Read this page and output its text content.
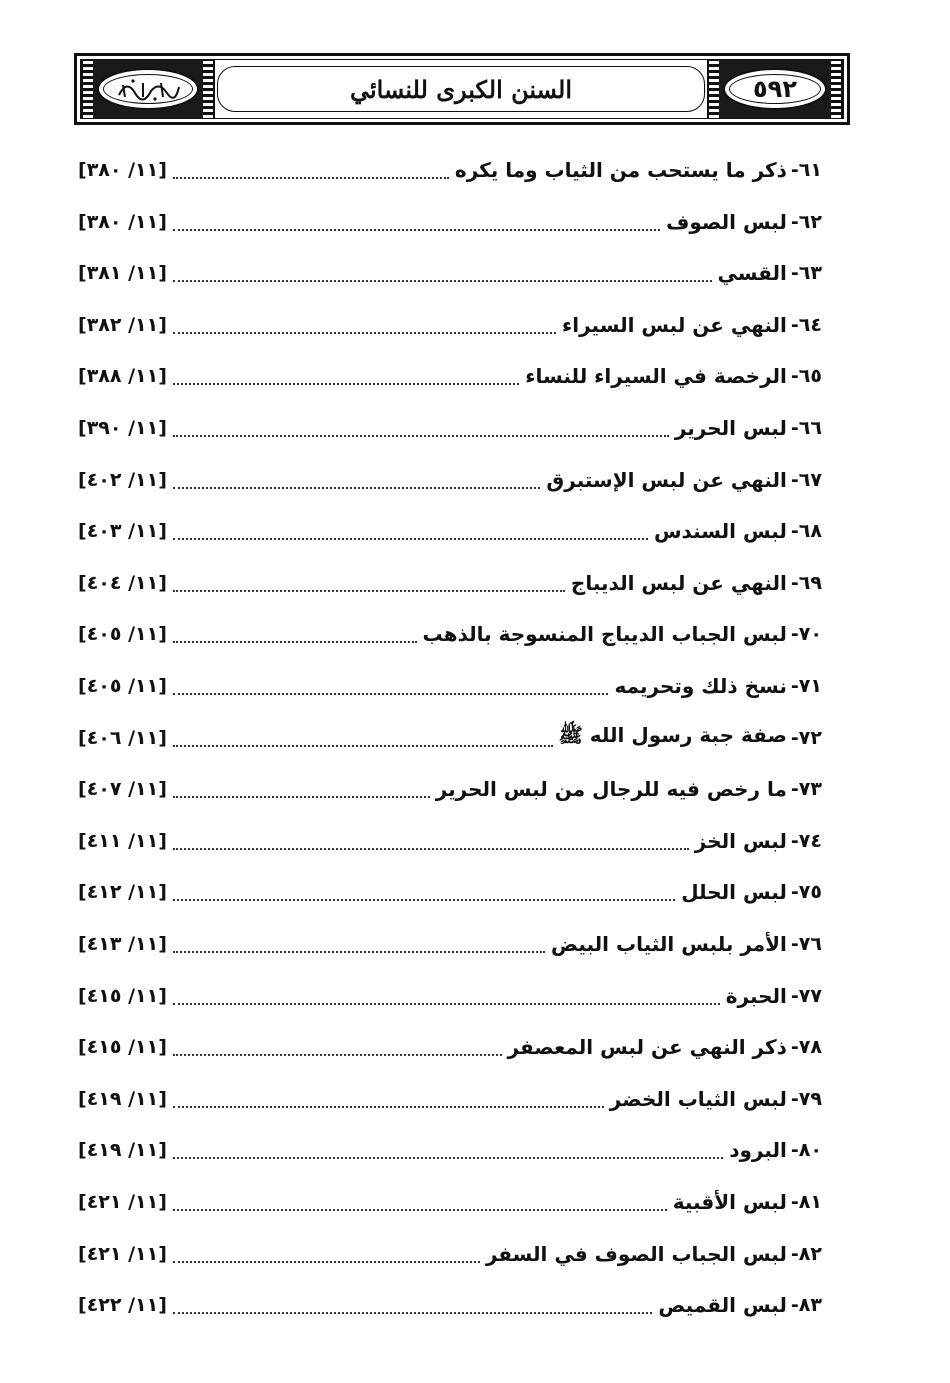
السنن الكبرى للنسائي	٥٩٢
٦١-
ذكر ما يستحب من الثياب وما يكره
[١١/ ٣٨٠]
٦٢-
لبس الصوف
[١١/ ٣٨٠]
٦٣-
القسي
[١١/ ٣٨١]
٦٤-
النهي عن لبس السيراء
[١١/ ٣٨٢]
٦٥-
الرخصة في السيراء للنساء
[١١/ ٣٨٨]
٦٦-
لبس الحرير
[١١/ ٣٩٠]
٦٧-
النهي عن لبس الإستبرق
[١١/ ٤٠٢]
٦٨-
لبس السندس
[١١/ ٤٠٣]
٦٩-
النهي عن لبس الديباج
[١١/ ٤٠٤]
٧٠-
لبس الجباب الديباج المنسوجة بالذهب
[١١/ ٤٠٥]
٧١-
نسخ ذلك وتحريمه
[١١/ ٤٠٥]
٧٢-
صفة جبة رسول الله ﷺ
[١١/ ٤٠٦]
٧٣-
ما رخص فيه للرجال من لبس الحرير
[١١/ ٤٠٧]
٧٤-
لبس الخز
[١١/ ٤١١]
٧٥-
لبس الحلل
[١١/ ٤١٢]
٧٦-
الأمر بلبس الثياب البيض
[١١/ ٤١٣]
٧٧-
الحبرة
[١١/ ٤١٥]
٧٨-
ذكر النهي عن لبس المعصفر
[١١/ ٤١٥]
٧٩-
لبس الثياب الخضر
[١١/ ٤١٩]
٨٠-
البرود
[١١/ ٤١٩]
٨١-
لبس الأقبية
[١١/ ٤٢١]
٨٢-
لبس الجباب الصوف في السفر
[١١/ ٤٢١]
٨٣-
لبس القميص
[١١/ ٤٢٢]
